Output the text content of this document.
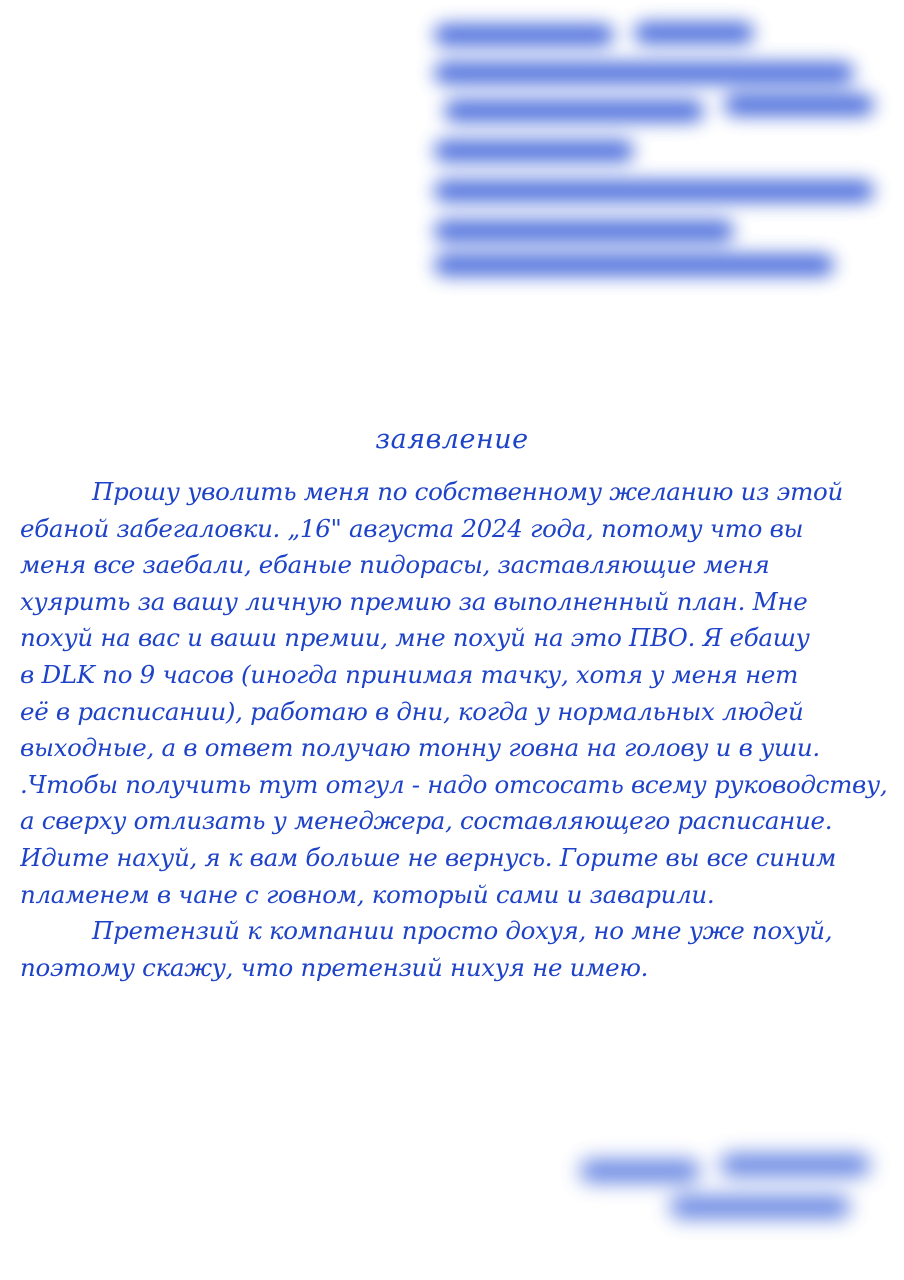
заявление
Прошу уволить меня по собственному желанию из этой
ебаной забегаловки. „16" августа 2024 года, потому что вы
меня все заебали, ебаные пидорасы, заставляющие меня
хуярить за вашу личную премию за выполненный план. Мне
похуй на вас и ваши премии, мне похуй на это ПВО. Я ебашу
в DLK по 9 часов (иногда принимая тачку, хотя у меня нет
её в расписании), работаю в дни, когда у нормальных людей
выходные, а в ответ получаю тонну говна на голову и в уши.
.Чтобы получить тут отгул - надо отсосать всему руководству,
а сверху отлизать у менеджера, составляющего расписание.
Идите нахуй, я к вам больше не вернусь. Горите вы все синим
пламенем в чане с говном, который сами и заварили.
Претензий к компании просто дохуя, но мне уже похуй,
поэтому скажу, что претензий нихуя не имею.
